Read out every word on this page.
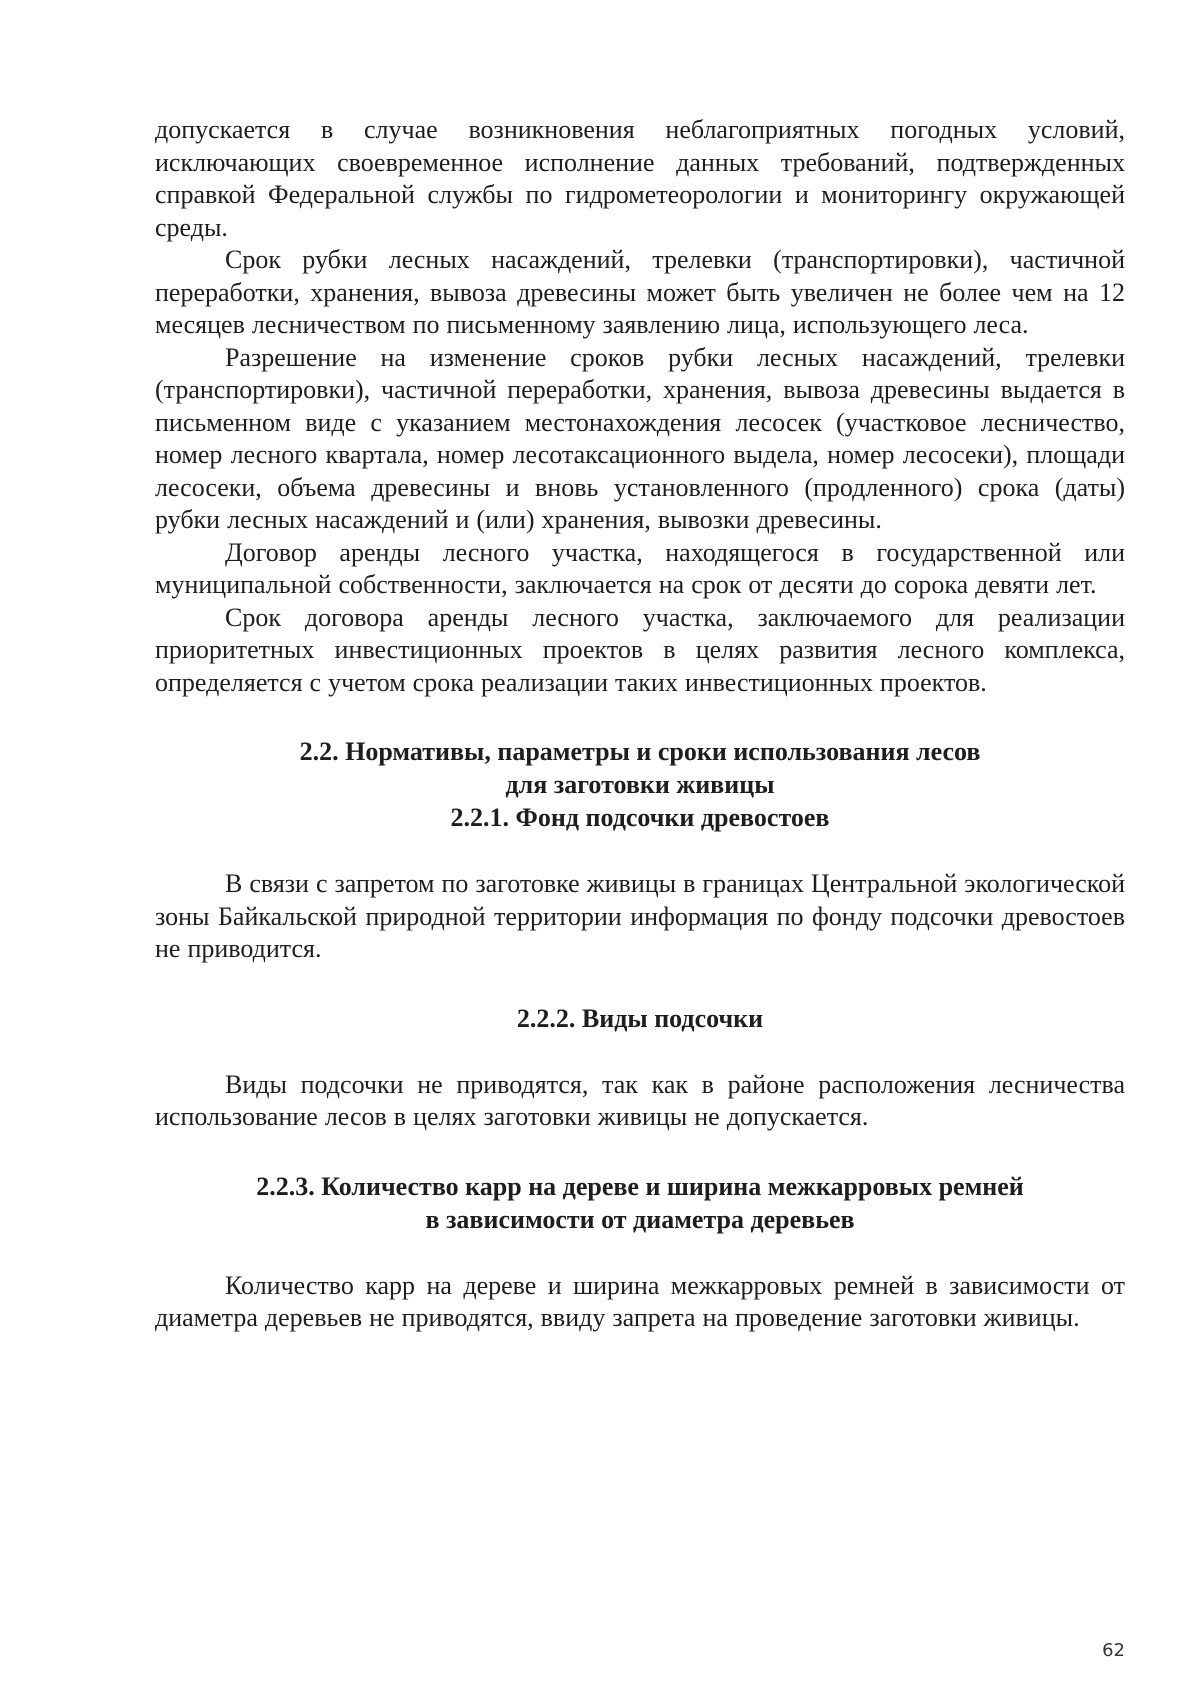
допускается в случае возникновения неблагоприятных погодных условий, исключающих своевременное исполнение данных требований, подтвержденных справкой Федеральной службы по гидрометеорологии и мониторингу окружающей среды.

Срок рубки лесных насаждений, трелевки (транспортировки), частичной переработки, хранения, вывоза древесины может быть увеличен не более чем на 12 месяцев лесничеством по письменному заявлению лица, использующего леса.

Разрешение на изменение сроков рубки лесных насаждений, трелевки (транспортировки), частичной переработки, хранения, вывоза древесины выдается в письменном виде с указанием местонахождения лесосек (участковое лесничество, номер лесного квартала, номер лесотаксационного выдела, номер лесосеки), площади лесосеки, объема древесины и вновь установленного (продленного) срока (даты) рубки лесных насаждений и (или) хранения, вывозки древесины.

Договор аренды лесного участка, находящегося в государственной или муниципальной собственности, заключается на срок от десяти до сорока девяти лет.

Срок договора аренды лесного участка, заключаемого для реализации приоритетных инвестиционных проектов в целях развития лесного комплекса, определяется с учетом срока реализации таких инвестиционных проектов.

2.2. Нормативы, параметры и сроки использования лесов
для заготовки живицы
2.2.1. Фонд подсочки древостоев

В связи с запретом по заготовке живицы в границах Центральной экологической зоны Байкальской природной территории информация по фонду подсочки древостоев не приводится.

2.2.2. Виды подсочки

Виды подсочки не приводятся, так как в районе расположения лесничества использование лесов в целях заготовки живицы не допускается.

2.2.3. Количество карр на дереве и ширина межкарровых ремней
в зависимости от диаметра деревьев

Количество карр на дереве и ширина межкарровых ремней в зависимости от диаметра деревьев не приводятся, ввиду запрета на проведение заготовки живицы.

62
